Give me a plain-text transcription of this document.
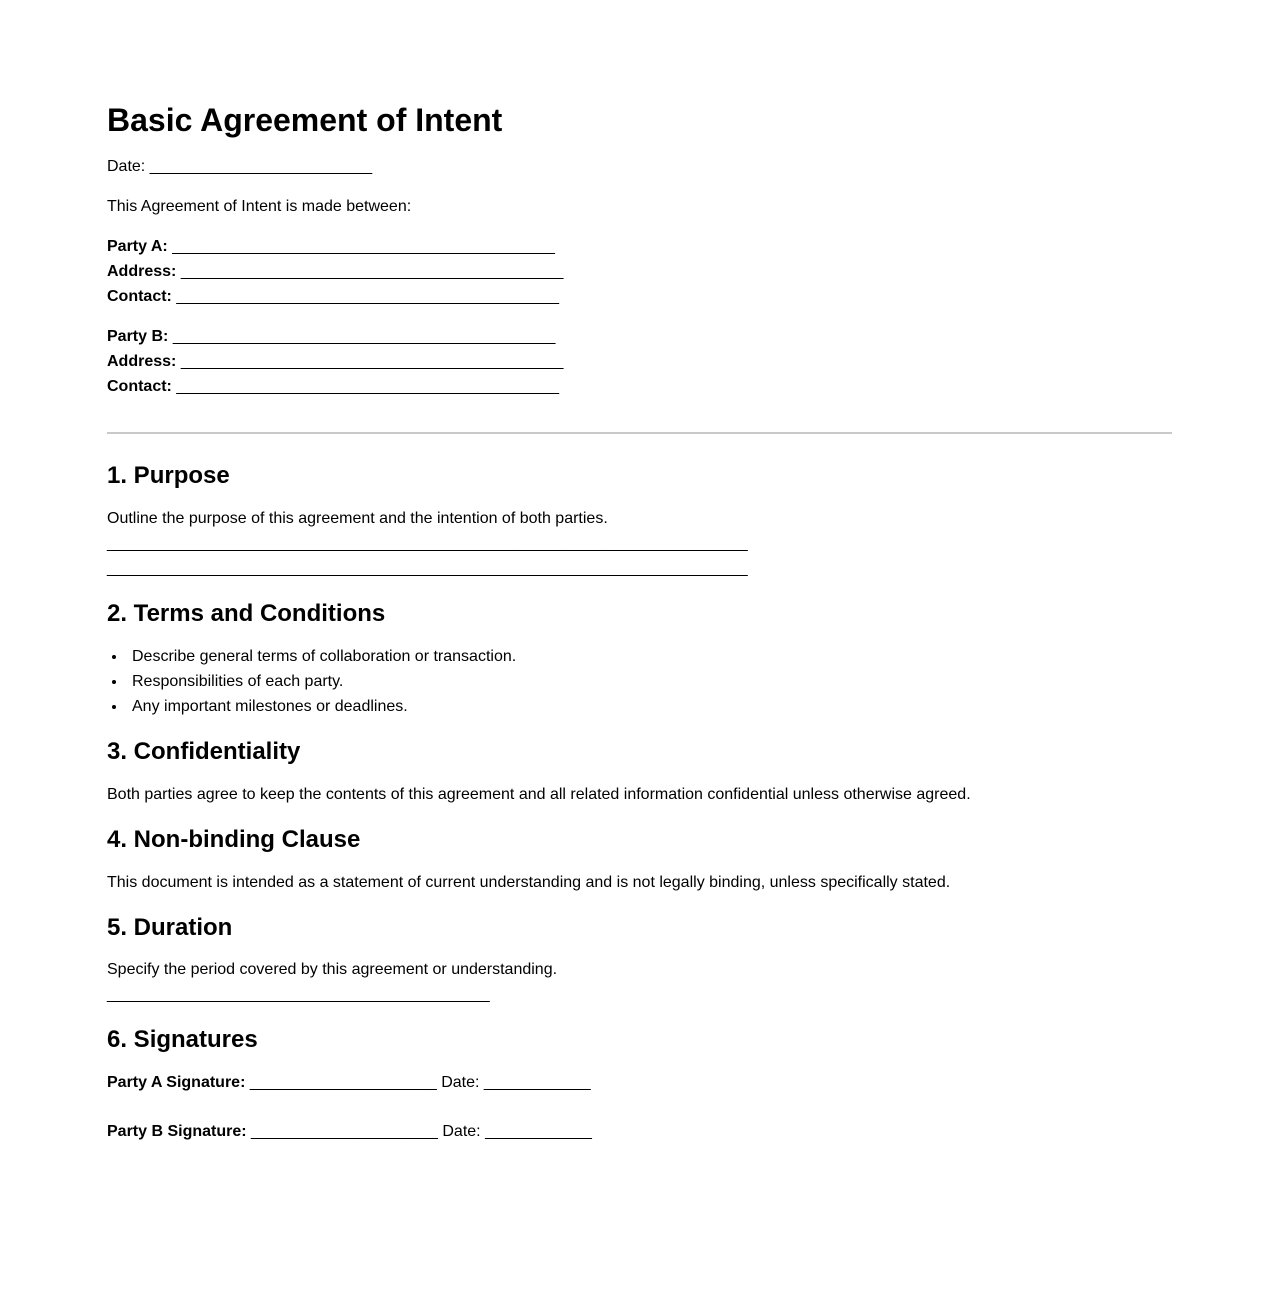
Basic Agreement of Intent

Date: _________________________

This Agreement of Intent is made between:

Party A: ___________________________________________
Address: ___________________________________________
Contact: ___________________________________________

Party B: ___________________________________________
Address: ___________________________________________
Contact: ___________________________________________

1. Purpose

Outline the purpose of this agreement and the intention of both parties.
________________________________________________________________________
________________________________________________________________________

2. Terms and Conditions
• Describe general terms of collaboration or transaction.
• Responsibilities of each party.
• Any important milestones or deadlines.
3. Confidentiality

Both parties agree to keep the contents of this agreement and all related information confidential unless otherwise agreed.

4. Non-binding Clause

This document is intended as a statement of current understanding and is not legally binding, unless specifically stated.

5. Duration

Specify the period covered by this agreement or understanding.
___________________________________________

6. Signatures

Party A Signature: _____________________ Date: ____________

Party B Signature: _____________________ Date: ____________
